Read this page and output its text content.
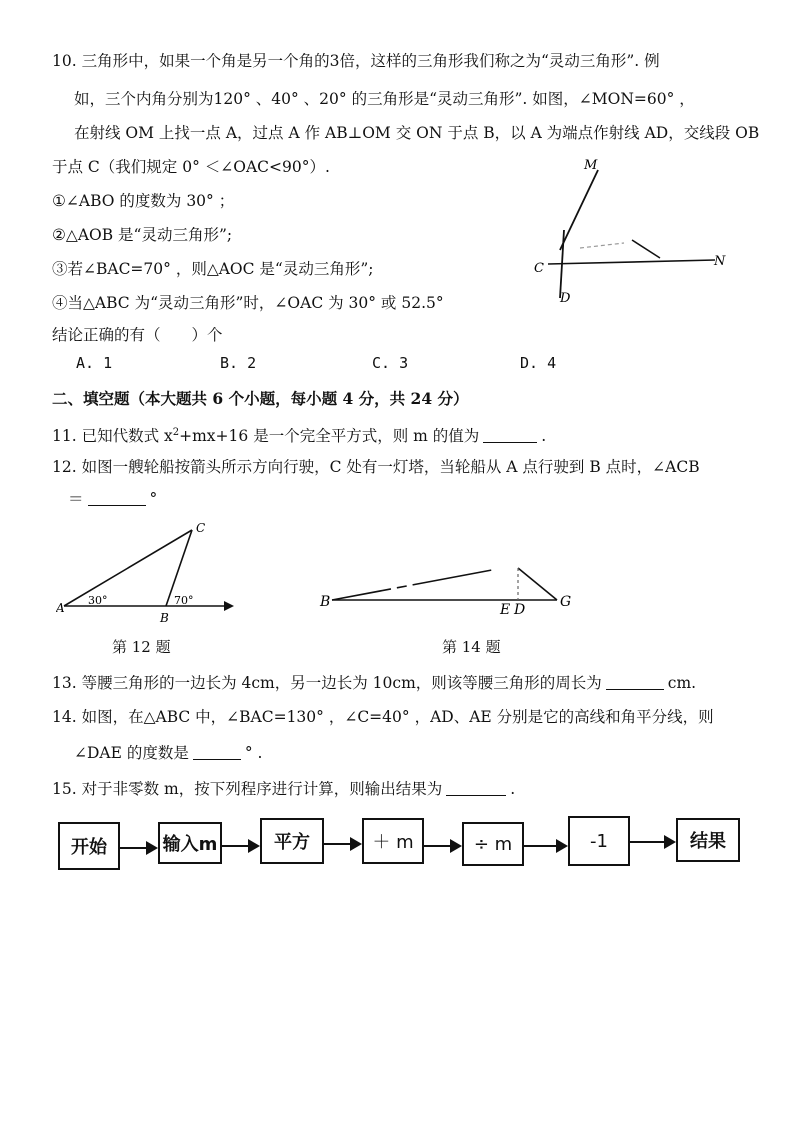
10. 三角形中，如果一个角是另一个角的3倍，这样的三角形我们称之为“灵动三角形”. 例
如，三个内角分别为120° 、40° 、20° 的三角形是“灵动三角形”. 如图，∠MON=60° ，
在射线 OM 上找一点 A，过点 A 作 AB⊥OM 交 ON 于点 B，以 A 为端点作射线 AD，交线段 OB
于点 C（我们规定 0° ＜∠OAC<90°）.
①∠ABO 的度数为 30° ；
②△AOB 是“灵动三角形”;
③若∠BAC=70° ，则△AOC 是“灵动三角形”;
④当△ABC 为“灵动三角形”时，∠OAC 为 30° 或 52.5°
结论正确的有（　　）个
A. 1	B. 2	C. 3	D. 4
M
N
C
D
二、填空题（本大题共 6 个小题，每小题 4 分，共 24 分）
11. 已知代数式 $x^2+mx+16$ 是一个完全平方式，则 m 的值为	.
12. 如图一艘轮船按箭头所示方向行驶，C 处有一灯塔，当轮船从 A 点行驶到 B 点时，∠ACB
＝	°
A
B
C
30°	70°
第 12 题
B	E D G
第 14 题
13. 等腰三角形的一边长为 4cm，另一边长为 10cm，则该等腰三角形的周长为	cm.
14. 如图，在△ABC 中，∠BAC=130° ，∠C=40° ，AD、AE 分别是它的高线和角平分线，则
∠DAE 的度数是	° .
15. 对于非零数 m，按下列程序进行计算，则输出结果为	.
开始	输入m	平方	＋ m	÷ m	-1	结果
